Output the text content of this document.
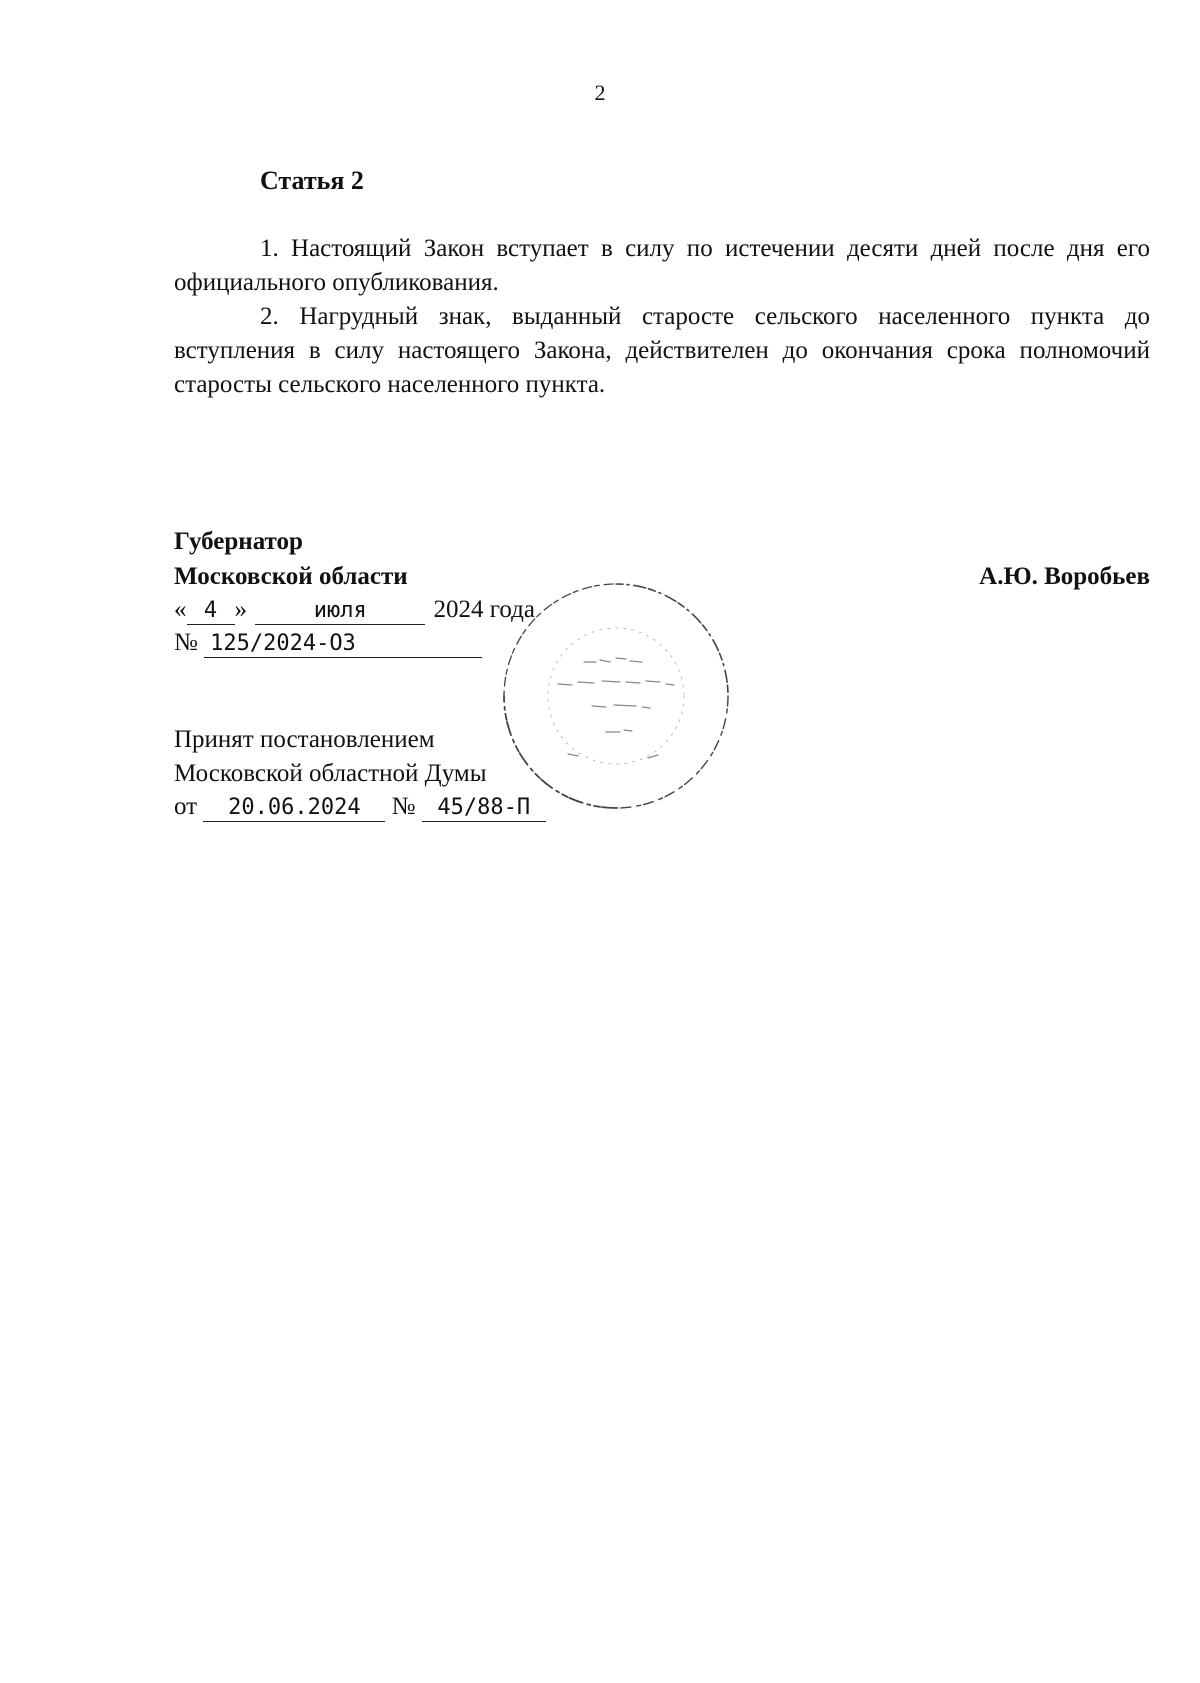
2
Статья 2

1. Настоящий Закон вступает в силу по истечении десяти дней после дня его официального опубликования.

2. Нагрудный знак, выданный старосте сельского населенного пункта до вступления в силу настоящего Закона, действителен до окончания срока полномочий старосты сельского населенного пункта.

Губернатор
Московской области	А.Ю. Воробьев
« 4 »	июля	2024 года
№ 125/2024-ОЗ
Принят постановлением
Московской областной Думы
от 20.06.2024 № 45/88-П
